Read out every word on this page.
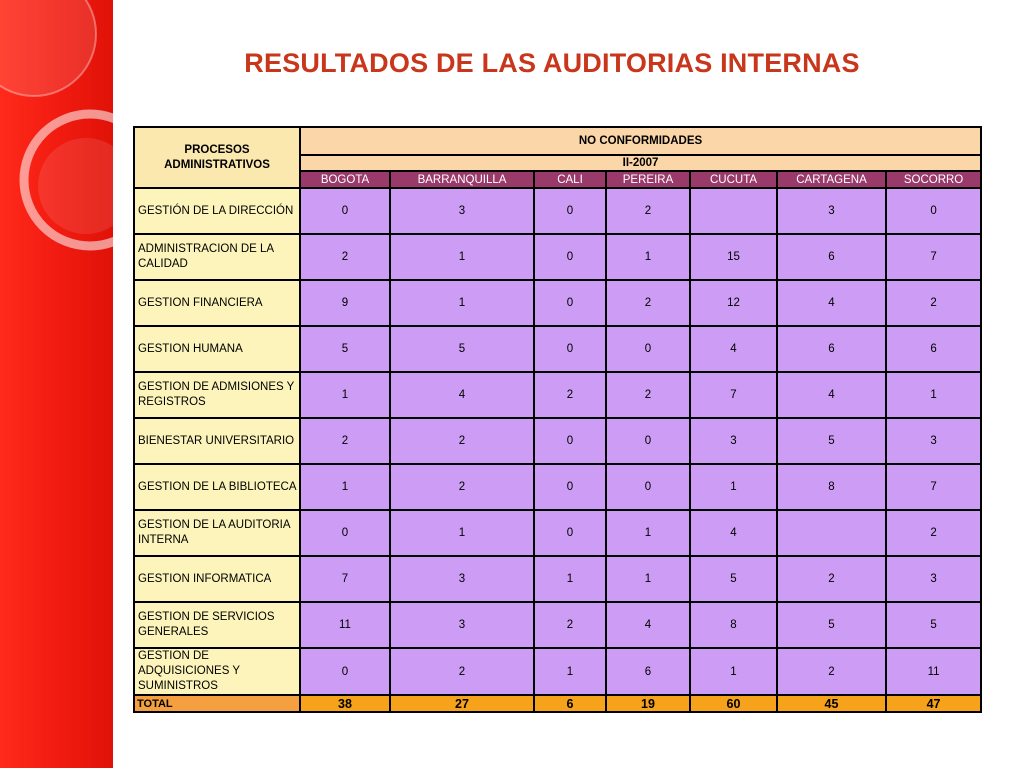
RESULTADOS DE LAS AUDITORIAS INTERNAS
PROCESOS ADMINISTRATIVOS	NO CONFORMIDADES						
	II-2007						
	BOGOTA	BARRANQUILLA	CALI	PEREIRA	CUCUTA	CARTAGENA	SOCORRO
GESTIÓN DE LA DIRECCIÓN	0	3	0	2		3	0
ADMINISTRACION DE LA CALIDAD	2	1	0	1	15	6	7
GESTION FINANCIERA	9	1	0	2	12	4	2
GESTION HUMANA	5	5	0	0	4	6	6
GESTION DE ADMISIONES Y REGISTROS	1	4	2	2	7	4	1
BIENESTAR UNIVERSITARIO	2	2	0	0	3	5	3
GESTION DE LA BIBLIOTECA	1	2	0	0	1	8	7
GESTION DE LA AUDITORIA INTERNA	0	1	0	1	4		2
GESTION INFORMATICA	7	3	1	1	5	2	3
GESTION DE SERVICIOS GENERALES	11	3	2	4	8	5	5
GESTION DE ADQUISICIONES Y SUMINISTROS	0	2	1	6	1	2	11
TOTAL	38	27	6	19	60	45	47
